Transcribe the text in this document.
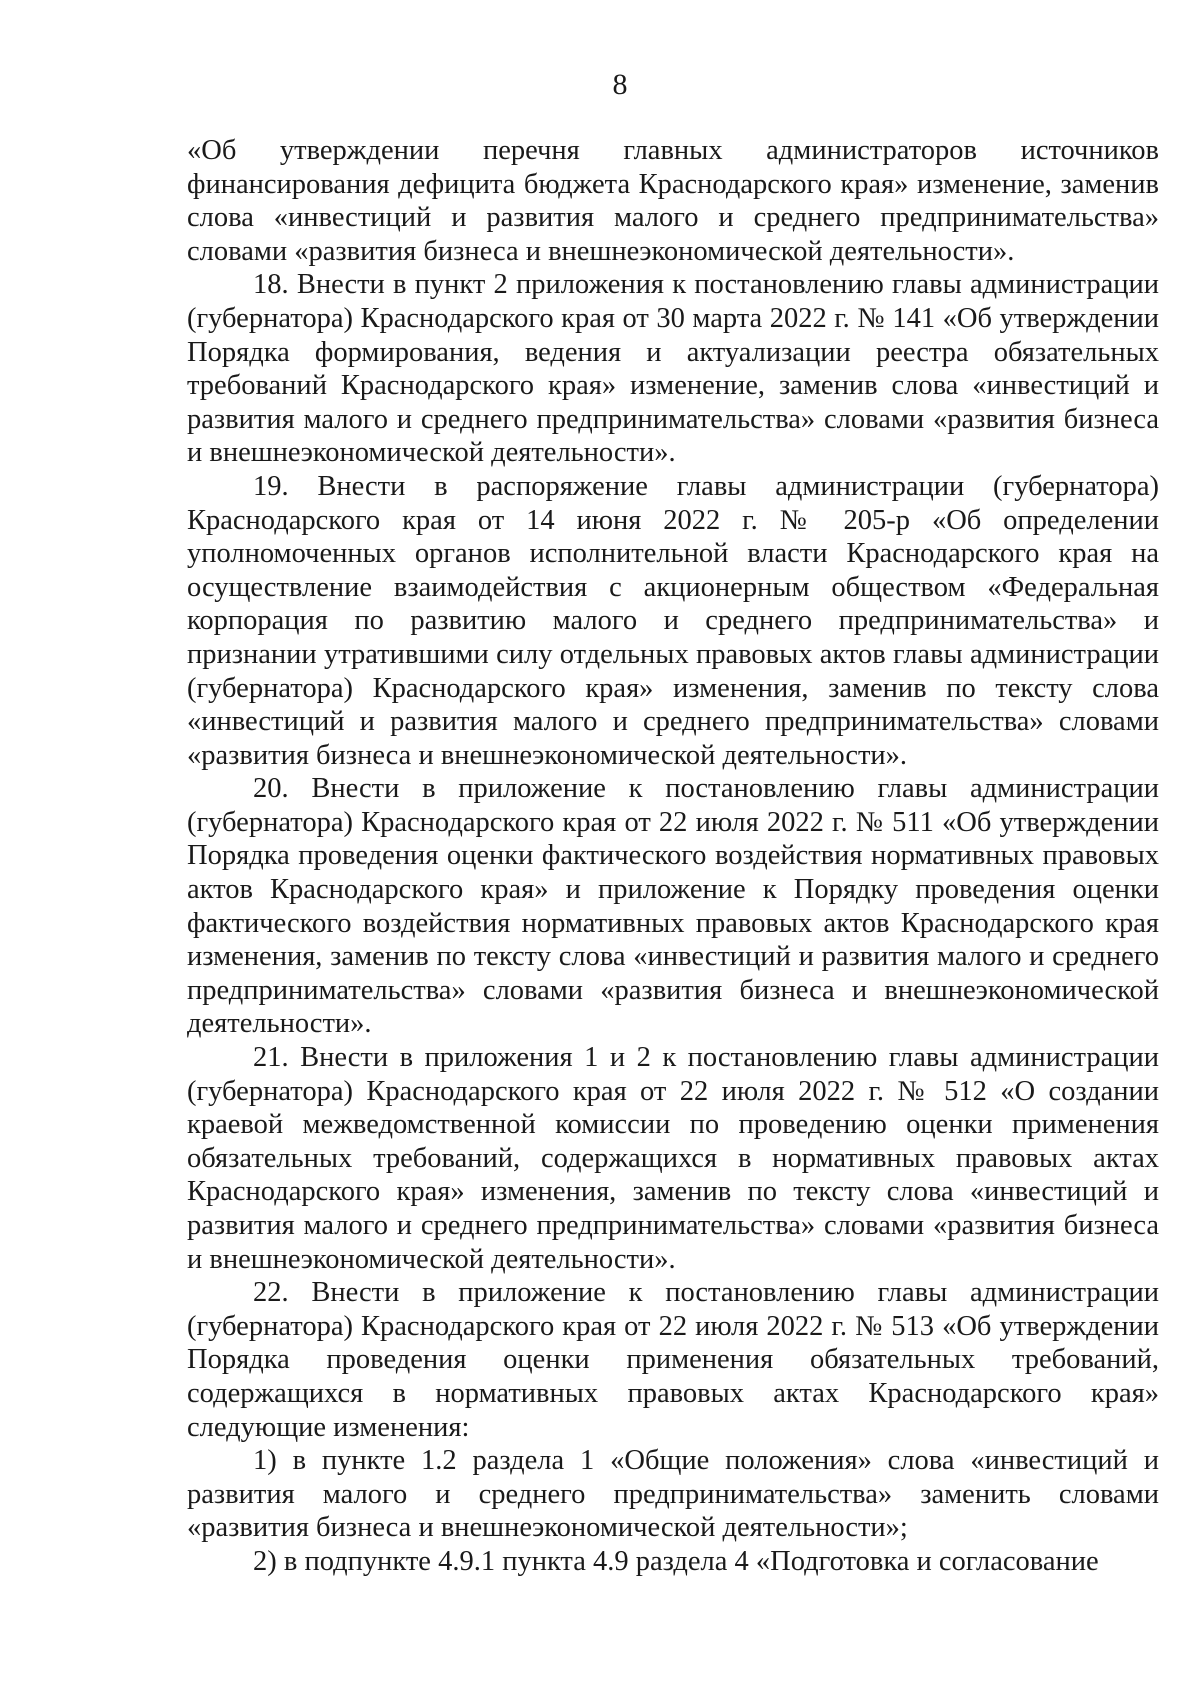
8

«Об утверждении перечня главных администраторов источников финансирования дефицита бюджета Краснодарского края» изменение, заменив слова «инвестиций и развития малого и среднего предпринимательства» словами «развития бизнеса и внешнеэкономической деятельности».

18. Внести в пункт 2 приложения к постановлению главы администрации (губернатора) Краснодарского края от 30 марта 2022 г. № 141 «Об утверждении Порядка формирования, ведения и актуализации реестра обязательных требований Краснодарского края» изменение, заменив слова «инвестиций и развития малого и среднего предпринимательства» словами «развития бизнеса и внешнеэкономической деятельности».

19. Внести в распоряжение главы администрации (губернатора) Краснодарского края от 14 июня 2022 г. № 205-р «Об определении уполномоченных органов исполнительной власти Краснодарского края на осуществление взаимодействия с акционерным обществом «Федеральная корпорация по развитию малого и среднего предпринимательства» и признании утратившими силу отдельных правовых актов главы администрации (губернатора) Краснодарского края» изменения, заменив по тексту слова «инвестиций и развития малого и среднего предпринимательства» словами «развития бизнеса и внешнеэкономической деятельности».

20. Внести в приложение к постановлению главы администрации (губернатора) Краснодарского края от 22 июля 2022 г. № 511 «Об утверждении Порядка проведения оценки фактического воздействия нормативных правовых актов Краснодарского края» и приложение к Порядку проведения оценки фактического воздействия нормативных правовых актов Краснодарского края изменения, заменив по тексту слова «инвестиций и развития малого и среднего предпринимательства» словами «развития бизнеса и внешнеэкономической деятельности».

21. Внести в приложения 1 и 2 к постановлению главы администрации (губернатора) Краснодарского края от 22 июля 2022 г. № 512 «О создании краевой межведомственной комиссии по проведению оценки применения обязательных требований, содержащихся в нормативных правовых актах Краснодарского края» изменения, заменив по тексту слова «инвестиций и развития малого и среднего предпринимательства» словами «развития бизнеса и внешнеэкономической деятельности».

22. Внести в приложение к постановлению главы администрации (губернатора) Краснодарского края от 22 июля 2022 г. № 513 «Об утверждении Порядка проведения оценки применения обязательных требований, содержащихся в нормативных правовых актах Краснодарского края» следующие изменения:

1) в пункте 1.2 раздела 1 «Общие положения» слова «инвестиций и развития малого и среднего предпринимательства» заменить словами «развития бизнеса и внешнеэкономической деятельности»;

2) в подпункте 4.9.1 пункта 4.9 раздела 4 «Подготовка и согласование
